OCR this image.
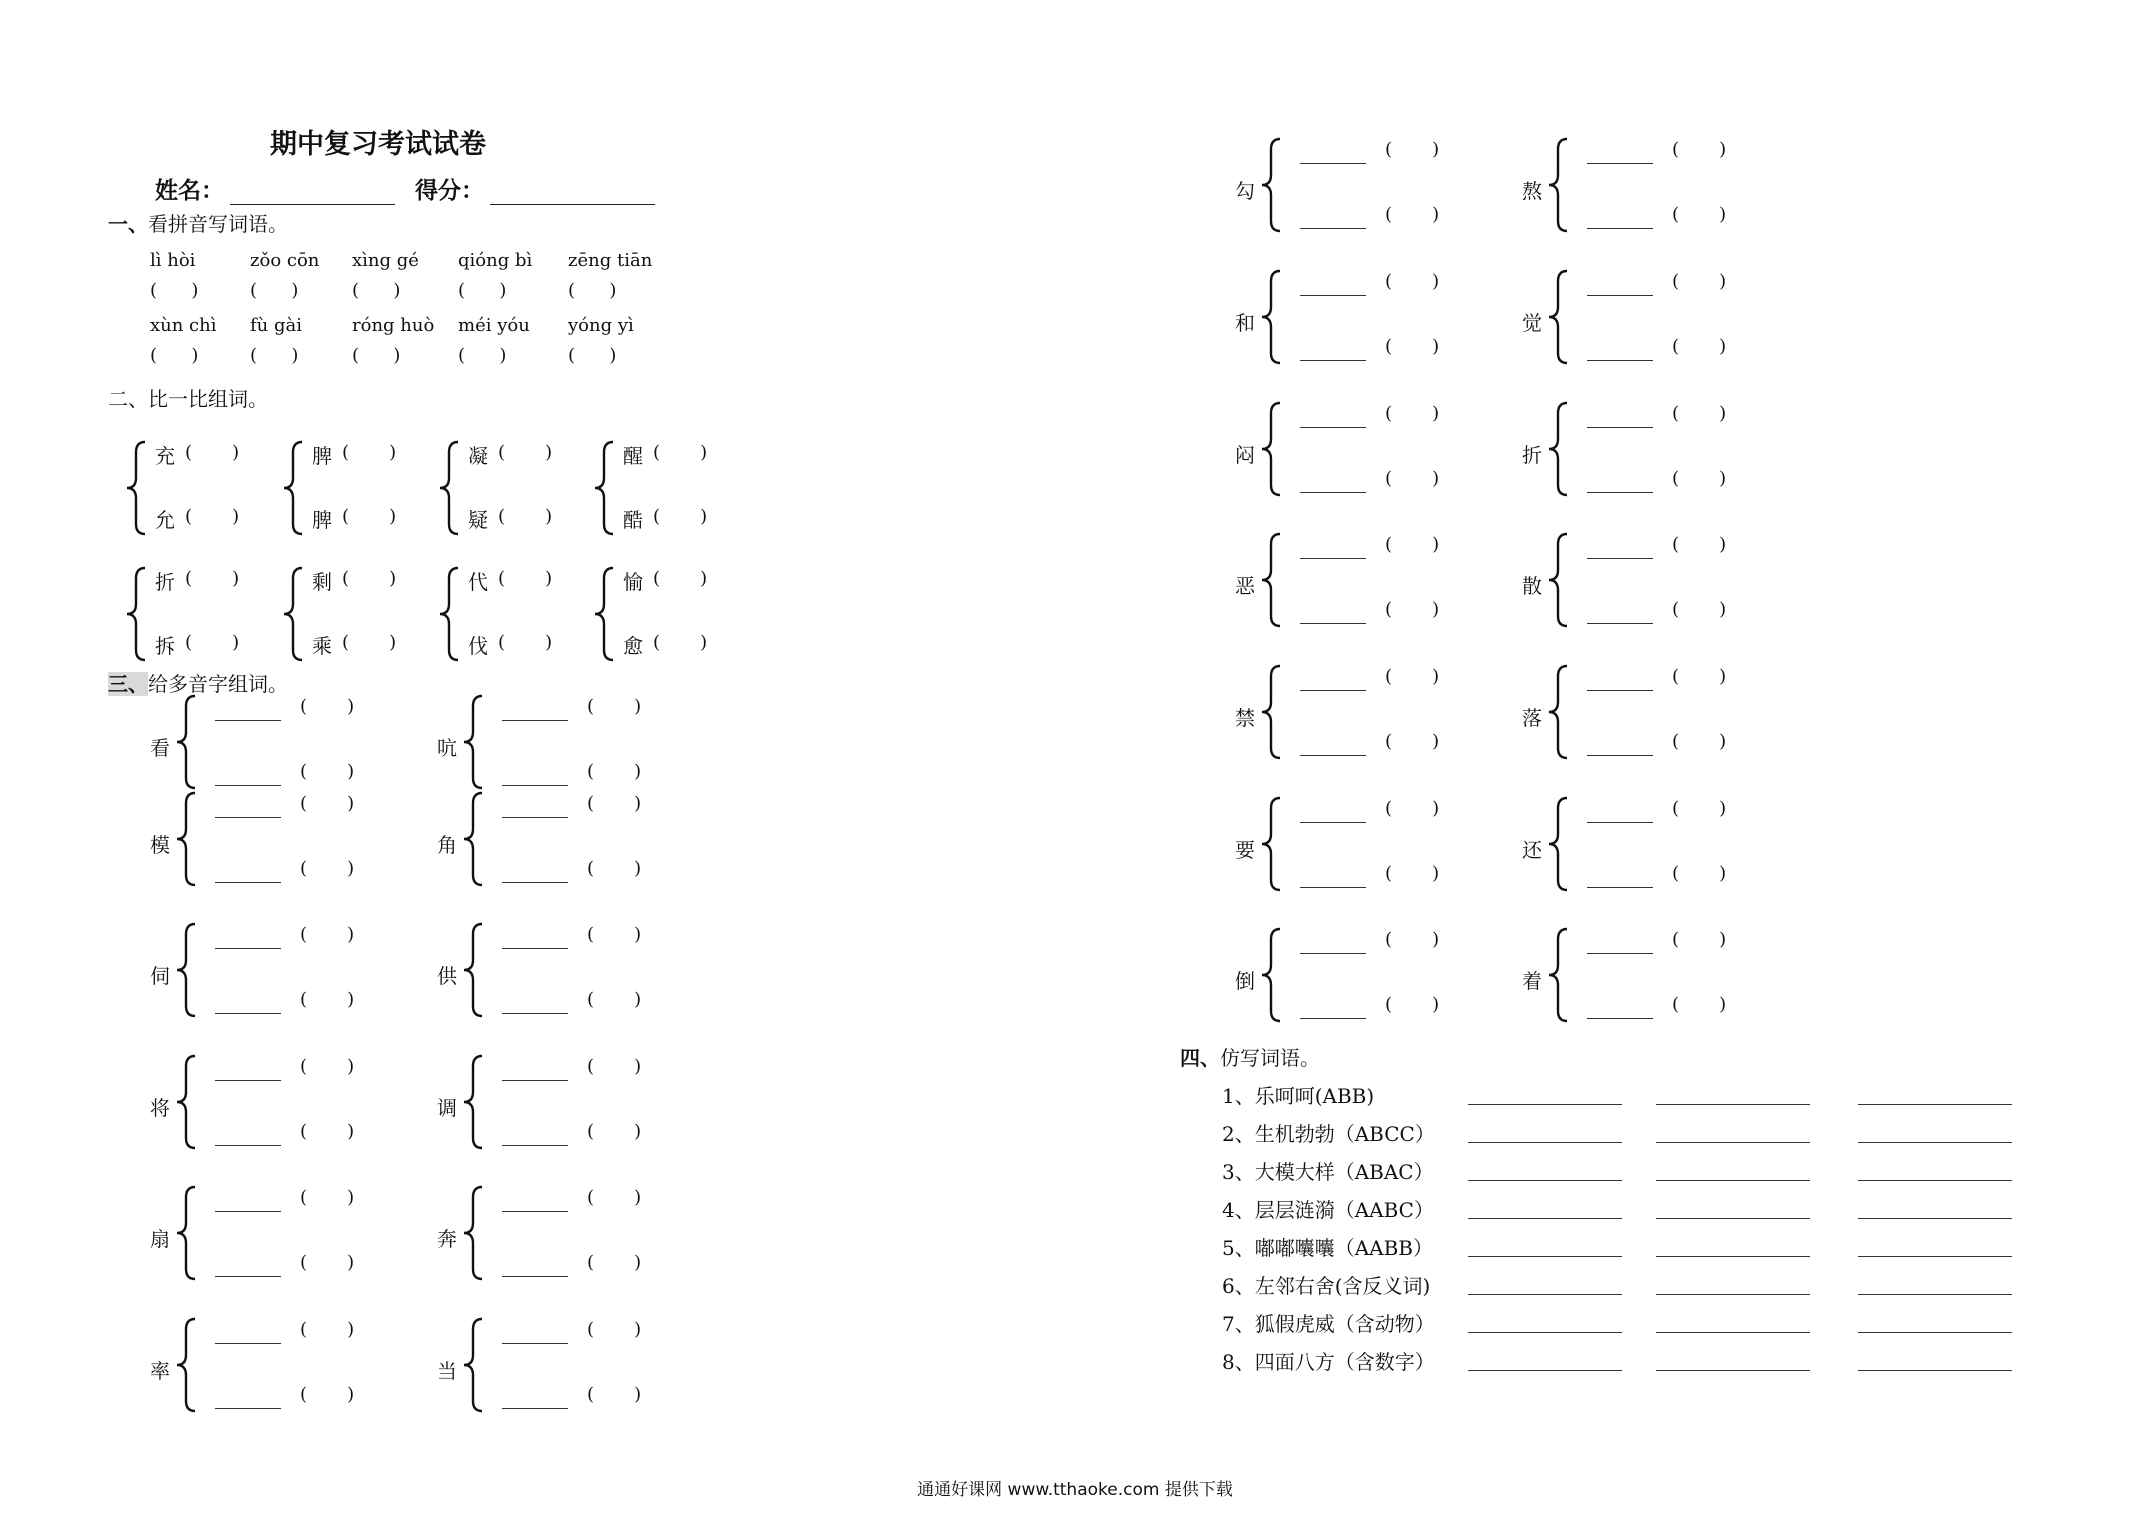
期中复习考试试卷
姓名：	得分：
一、看拼音写词语。
lì hòi
(      )
zǒo cōn
(      )
xìng gé
(      )
qióng bì
(      )
zēng tiān
(      )
xùn chì
(      )
fù gài
(      )
róng huò
(      )
méi yóu
(      )
yóng yì
(      )
二、比一比组词。
充 (       )
允 (       )
脾 (       )
脾 (       )
凝 (       )
疑 (       )
醒 (       )
酷 (       )
折 (       )
拆 (       )
剩 (       )
乘 (       )
代 (       )
伐 (       )
愉 (       )
愈 (       )
三、给多音字组词。
看
(       )
(       )
模
(       )
(       )
伺
(       )
(       )
将
(       )
(       )
扇
(       )
(       )
率
(       )
(       )
吭
(       )
(       )
角
(       )
(       )
供
(       )
(       )
调
(       )
(       )
奔
(       )
(       )
当
(       )
(       )
勾
(       )
(       )
和
(       )
(       )
闷
(       )
(       )
恶
(       )
(       )
禁
(       )
(       )
要
(       )
(       )
倒
(       )
(       )
熬
(       )
(       )
觉
(       )
(       )
折
(       )
(       )
散
(       )
(       )
落
(       )
(       )
还
(       )
(       )
着
(       )
(       )
四、仿写词语。
1、乐呵呵(ABB)
2、生机勃勃（ABCC）
3、大模大样（ABAC）
4、层层涟漪（AABC）
5、嘟嘟囔囔（AABB）
6、左邻右舍(含反义词)
7、狐假虎威（含动物）
8、四面八方（含数字）
通通好课网 www.tthaoke.com 提供下载
